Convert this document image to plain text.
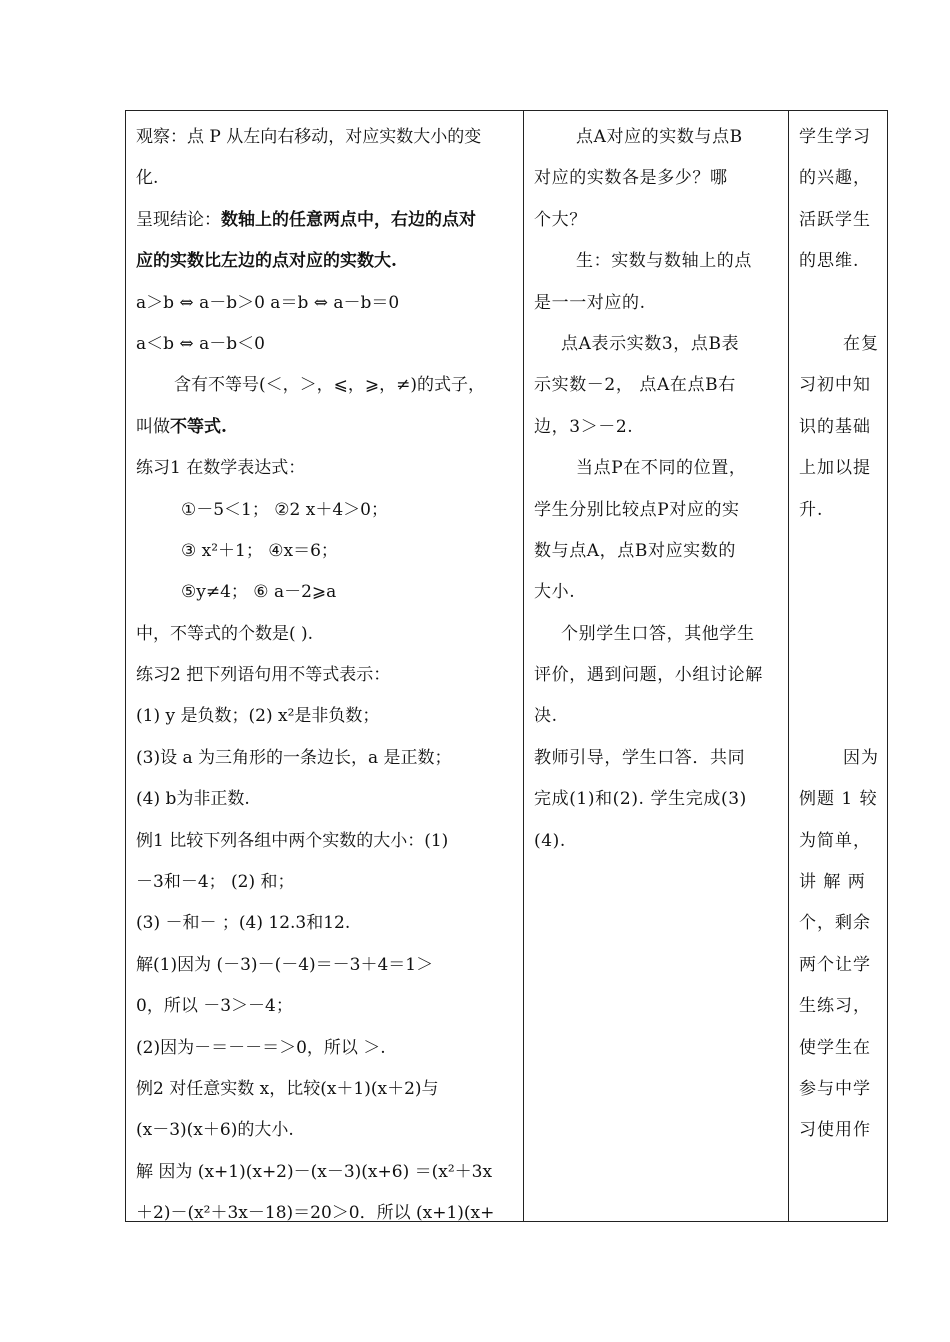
观察：点 P 从左向右移动，对应实数大小的变
化.
呈现结论：数轴上的任意两点中，右边的点对
应的实数比左边的点对应的实数大.
a＞b ⇔ a－b＞0 a＝b ⇔ a－b＝0
a＜b ⇔ a－b＜0
含有不等号(＜，＞，⩽，⩾，≠)的式子，
叫做不等式.
练习1 在数学表达式：
①－5＜1； ②2 x＋4＞0；
③ x²＋1； ④x＝6；
⑤y≠4； ⑥ a－2⩾a
中，不等式的个数是( ).
练习2 把下列语句用不等式表示：
(1) y 是负数；(2) x²是非负数；
(3)设 a 为三角形的一条边长，a 是正数；
(4) b为非正数.
例1 比较下列各组中两个实数的大小：(1)
－3和－4； (2) 和；
(3) －和－ ；(4) 12.3和12.
解(1)因为 (－3)－(－4)＝－3＋4＝1＞
0，所以 －3＞－4；
(2)因为－＝－－＝＞0，所以 ＞.
例2 对任意实数 x，比较(x＋1)(x＋2)与
(x－3)(x＋6)的大小.
解 因为 (x+1)(x+2)－(x－3)(x+6) ＝(x²＋3x
＋2)－(x²＋3x－18)＝20＞0．所以 (x+1)(x+
点A对应的实数与点B
对应的实数各是多少？哪
个大？
生：实数与数轴上的点
是一一对应的.
点A表示实数3，点B表
示实数－2， 点A在点B右
边，3＞－2.
当点P在不同的位置，
学生分别比较点P对应的实
数与点A，点B对应实数的
大小.
个别学生口答，其他学生
评价，遇到问题，小组讨论解
决.
教师引导，学生口答．共同
完成(1)和(2). 学生完成(3)
(4).
学生学习
的兴趣，
活跃学生
的思维.
在复
习初中知
识的基础
上加以提
升.
因为
例题 1 较
为简单，
讲 解 两
个，剩余
两个让学
生练习，
使学生在
参与中学
习使用作
